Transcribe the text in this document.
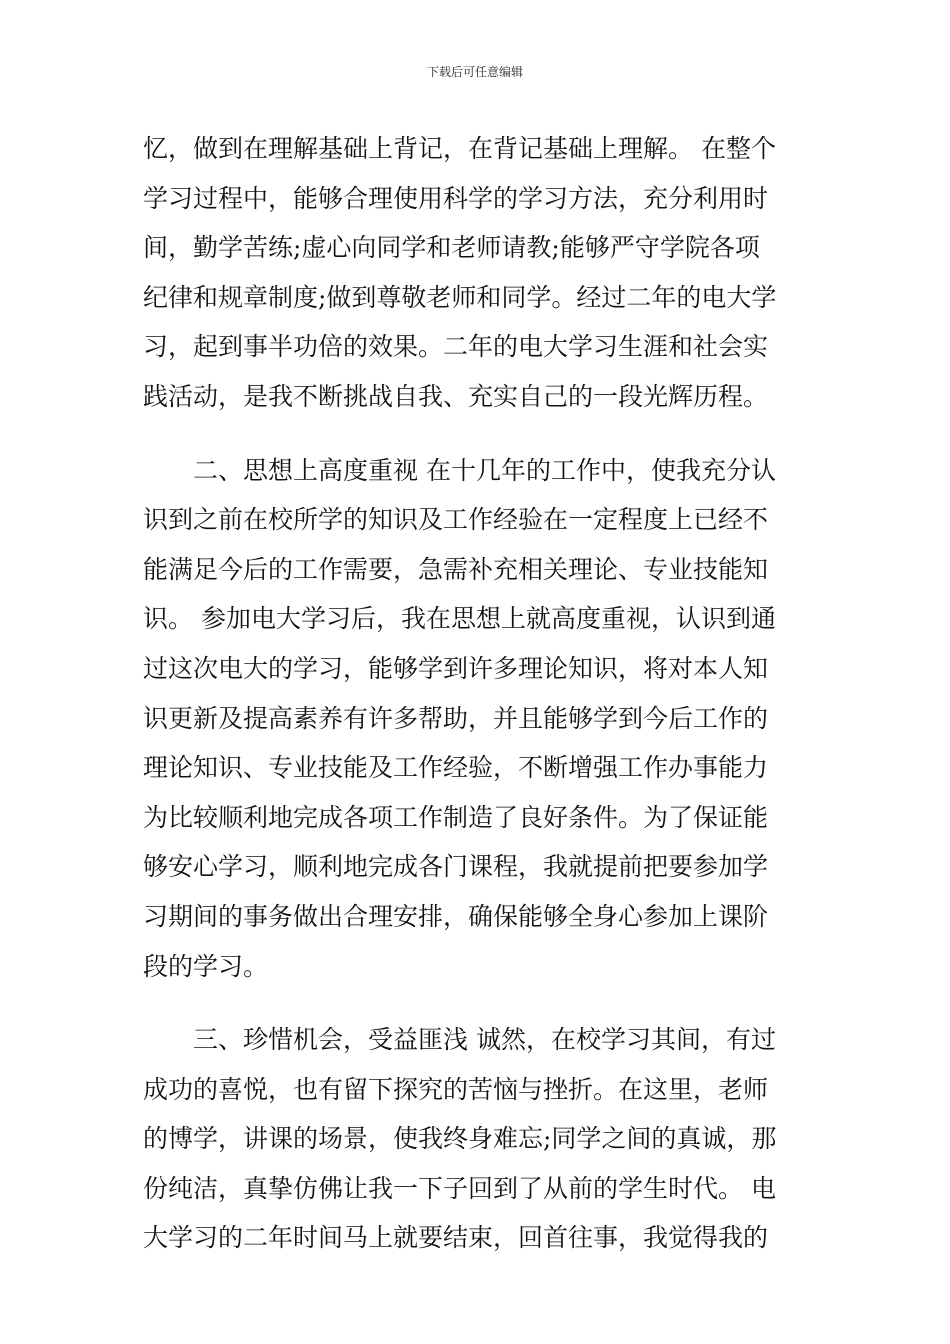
下载后可任意编辑
忆，做到在理解基础上背记，在背记基础上理解。 在整个
学习过程中，能够合理使用科学的学习方法，充分利用时
间，勤学苦练;虚心向同学和老师请教;能够严守学院各项
纪律和规章制度;做到尊敬老师和同学。经过二年的电大学
习，起到事半功倍的效果。二年的电大学习生涯和社会实
践活动，是我不断挑战自我、充实自己的一段光辉历程。
　　二、思想上高度重视 在十几年的工作中，使我充分认
识到之前在校所学的知识及工作经验在一定程度上已经不
能满足今后的工作需要，急需补充相关理论、专业技能知
识。 参加电大学习后，我在思想上就高度重视，认识到通
过这次电大的学习，能够学到许多理论知识，将对本人知
识更新及提高素养有许多帮助，并且能够学到今后工作的
理论知识、专业技能及工作经验，不断增强工作办事能力
为比较顺利地完成各项工作制造了良好条件。为了保证能
够安心学习，顺利地完成各门课程，我就提前把要参加学
习期间的事务做出合理安排，确保能够全身心参加上课阶
段的学习。
　　三、珍惜机会，受益匪浅 诚然，在校学习其间，有过
成功的喜悦，也有留下探究的苦恼与挫折。在这里，老师
的博学，讲课的场景，使我终身难忘;同学之间的真诚，那
份纯洁，真挚仿佛让我一下子回到了从前的学生时代。 电
大学习的二年时间马上就要结束，回首往事，我觉得我的
